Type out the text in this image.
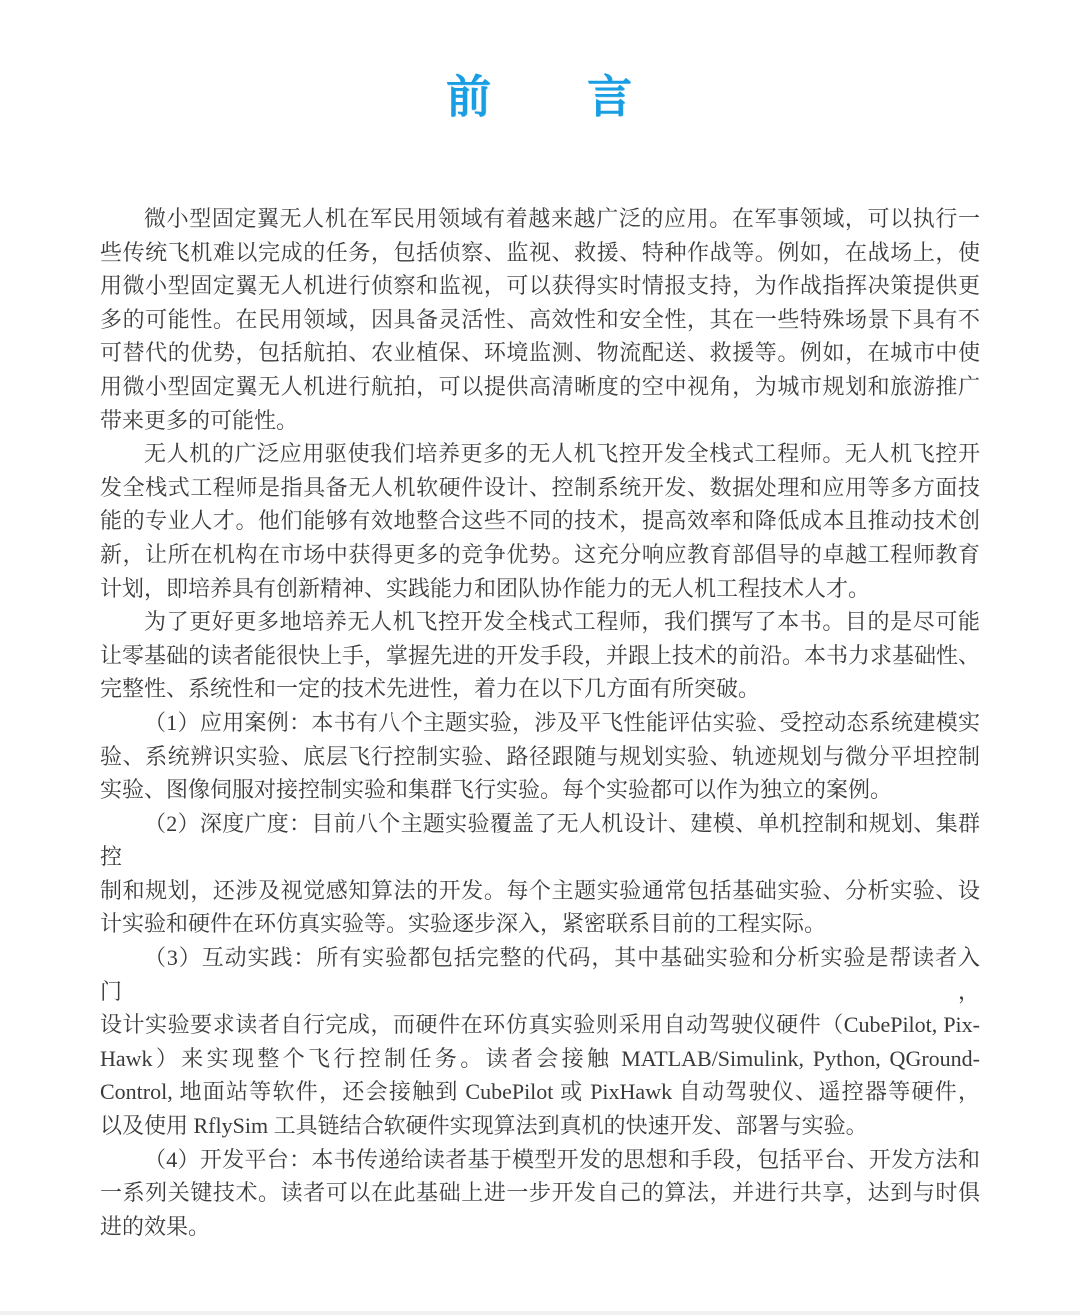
前　　言
微小型固定翼无人机在军民用领域有着越来越广泛的应用。在军事领域，可以执行一
些传统飞机难以完成的任务，包括侦察、监视、救援、特种作战等。例如，在战场上，使
用微小型固定翼无人机进行侦察和监视，可以获得实时情报支持，为作战指挥决策提供更
多的可能性。在民用领域，因具备灵活性、高效性和安全性，其在一些特殊场景下具有不
可替代的优势，包括航拍、农业植保、环境监测、物流配送、救援等。例如，在城市中使
用微小型固定翼无人机进行航拍，可以提供高清晰度的空中视角，为城市规划和旅游推广
带来更多的可能性。
无人机的广泛应用驱使我们培养更多的无人机飞控开发全栈式工程师。无人机飞控开
发全栈式工程师是指具备无人机软硬件设计、控制系统开发、数据处理和应用等多方面技
能的专业人才。他们能够有效地整合这些不同的技术，提高效率和降低成本且推动技术创
新，让所在机构在市场中获得更多的竞争优势。这充分响应教育部倡导的卓越工程师教育
计划，即培养具有创新精神、实践能力和团队协作能力的无人机工程技术人才。
为了更好更多地培养无人机飞控开发全栈式工程师，我们撰写了本书。目的是尽可能
让零基础的读者能很快上手，掌握先进的开发手段，并跟上技术的前沿。本书力求基础性、
完整性、系统性和一定的技术先进性，着力在以下几方面有所突破。
（1）应用案例：本书有八个主题实验，涉及平飞性能评估实验、受控动态系统建模实
验、系统辨识实验、底层飞行控制实验、路径跟随与规划实验、轨迹规划与微分平坦控制
实验、图像伺服对接控制实验和集群飞行实验。每个实验都可以作为独立的案例。
（2）深度广度：目前八个主题实验覆盖了无人机设计、建模、单机控制和规划、集群控
制和规划，还涉及视觉感知算法的开发。每个主题实验通常包括基础实验、分析实验、设
计实验和硬件在环仿真实验等。实验逐步深入，紧密联系目前的工程实际。
（3）互动实践：所有实验都包括完整的代码，其中基础实验和分析实验是帮读者入门，
设计实验要求读者自行完成，而硬件在环仿真实验则采用自动驾驶仪硬件（CubePilot, Pix-
Hawk）来实现整个飞行控制任务。读者会接触 MATLAB/Simulink, Python, QGround-
Control, 地面站等软件，还会接触到 CubePilot 或 PixHawk 自动驾驶仪、遥控器等硬件，
以及使用 RflySim 工具链结合软硬件实现算法到真机的快速开发、部署与实验。
（4）开发平台：本书传递给读者基于模型开发的思想和手段，包括平台、开发方法和
一系列关键技术。读者可以在此基础上进一步开发自己的算法，并进行共享，达到与时俱
进的效果。
